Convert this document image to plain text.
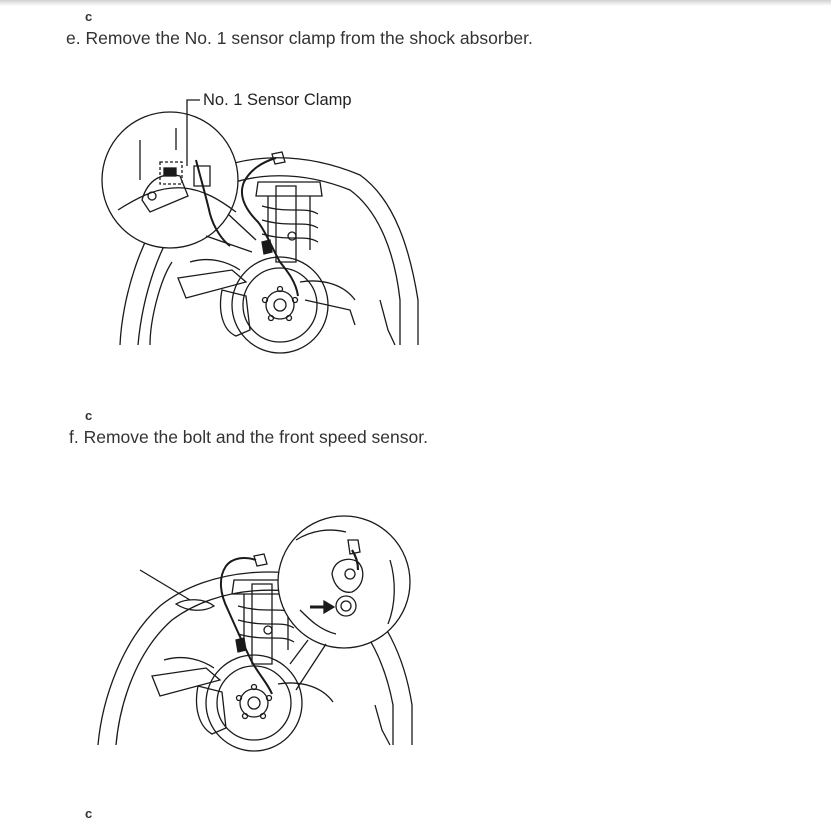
c
e. Remove the No. 1 sensor clamp from the shock absorber.
No. 1 Sensor Clamp
c
f. Remove the bolt and the front speed sensor.
c
